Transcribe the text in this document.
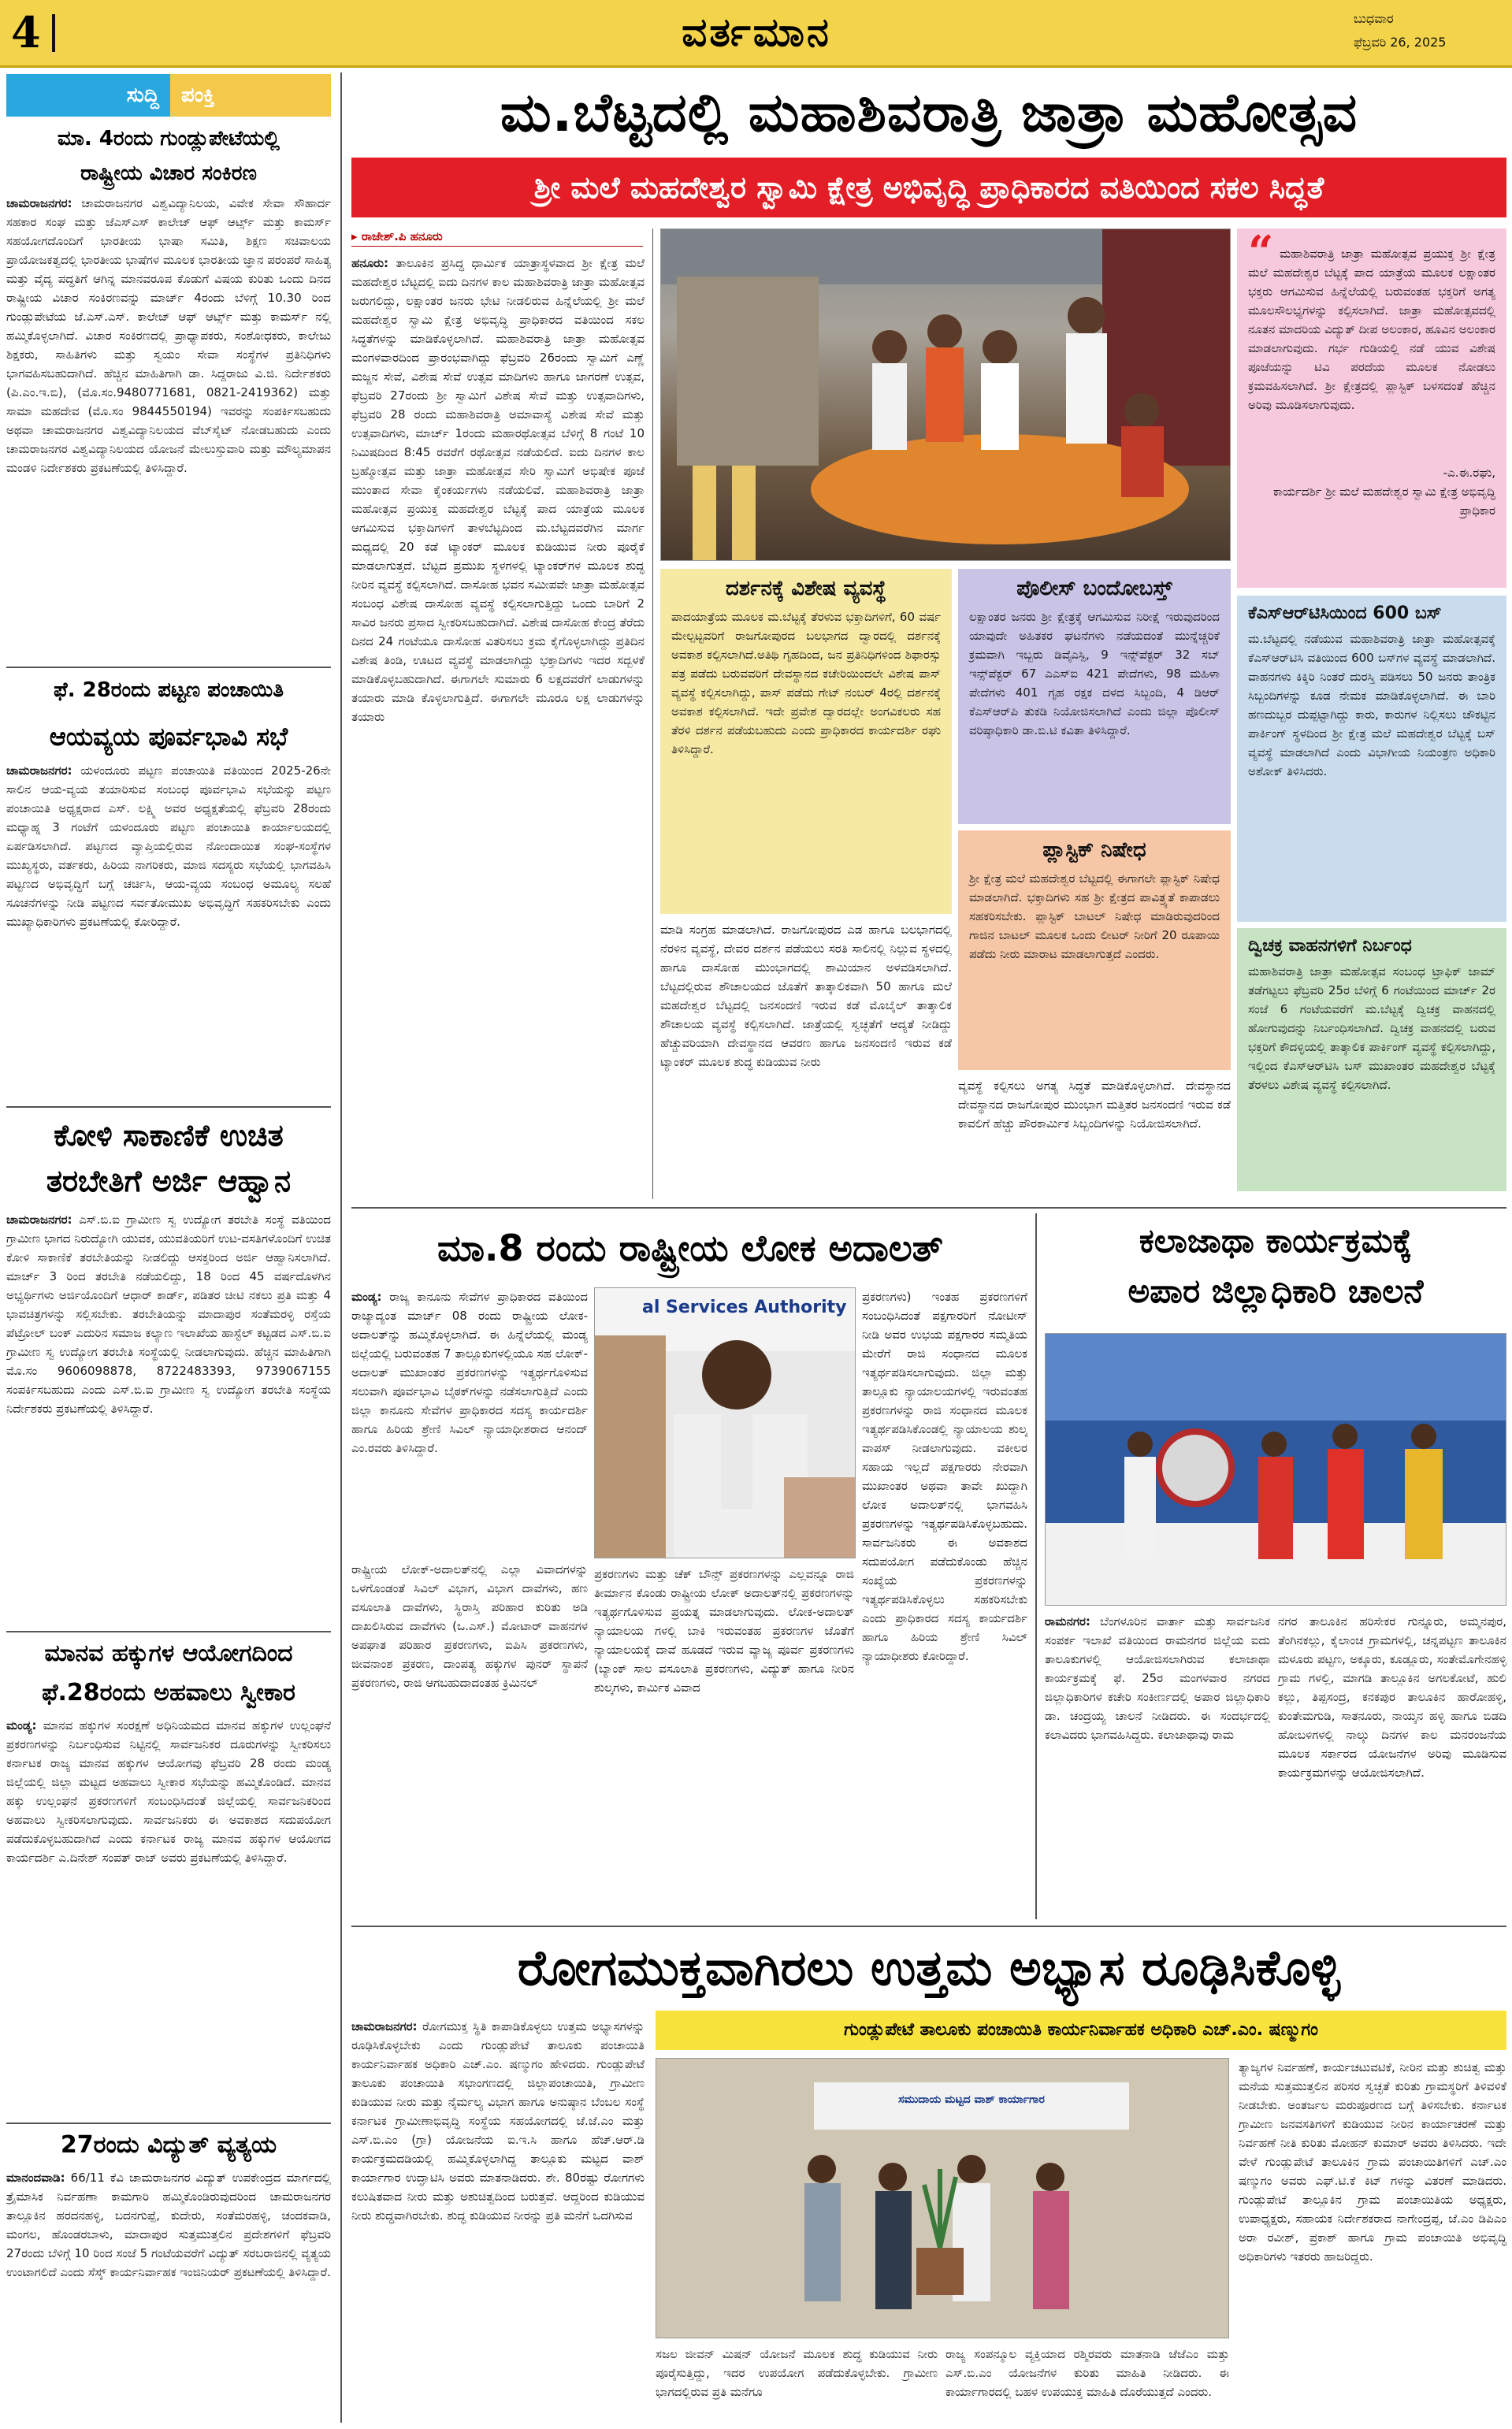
4	ವರ್ತಮಾನ	ಬುಧವಾರ
ಫೆಬ್ರವರಿ 26, 2025
ಸುದ್ದಿ	ಪಂಕ್ತಿ
ಮಾ. 4ರಂದು ಗುಂಡ್ಲುಪೇಟೆಯಲ್ಲಿ
ರಾಷ್ಟ್ರೀಯ ವಿಚಾರ ಸಂಕಿರಣ
ಚಾಮರಾಜನಗರ: ಚಾಮರಾಜನಗರ ವಿಶ್ವವಿದ್ಯಾನಿಲಯ, ವಿವೇಕ ಸೇವಾ ಸೌಹಾರ್ದ ಸಹಕಾರ ಸಂಘ ಮತ್ತು ಜೆಎಸ್ಎಸ್ ಕಾಲೇಜ್ ಆಫ್ ಆರ್ಟ್ಸ್ ಮತ್ತು ಕಾಮರ್ಸ್ ಸಹಯೋಗದೊಂದಿಗೆ ಭಾರತೀಯ ಭಾಷಾ ಸಮಿತಿ, ಶಿಕ್ಷಣ ಸಚಿವಾಲಯ ಪ್ರಾಯೋಜಕತ್ವದಲ್ಲಿ ಭಾರತೀಯ ಭಾಷೆಗಳ ಮೂಲಕ ಭಾರತೀಯ ಜ್ಞಾನ ಪರಂಪರೆ ಸಾಹಿತ್ಯ ಮತ್ತು ವೈದ್ಯ ಪದ್ಧತಿಗೆ ಆಗಿನ್ನ ಮಾನವರೂಪ ಕೊಡುಗೆ ವಿಷಯ ಕುರಿತು ಒಂದು ದಿನದ ರಾಷ್ಟ್ರೀಯ ವಿಚಾರ ಸಂಕಿರಣವನ್ನು ಮಾರ್ಚ್ 4ರಂದು ಬೆಳಿಗ್ಗೆ 10.30 ರಿಂದ ಗುಂಡ್ಲುಪೇಟೆಯ ಜೆ.ಎಸ್.ಎಸ್. ಕಾಲೇಜ್ ಆಫ್ ಆರ್ಟ್ಸ್ ಮತ್ತು ಕಾಮರ್ಸ್ ನಲ್ಲಿ ಹಮ್ಮಿಕೊಳ್ಳಲಾಗಿದೆ. ವಿಚಾರ ಸಂಕಿರಣದಲ್ಲಿ ಪ್ರಾಧ್ಯಾಪಕರು, ಸಂಶೋಧಕರು, ಕಾಲೇಜು ಶಿಕ್ಷಕರು, ಸಾಹಿತಿಗಳು ಮತ್ತು ಸ್ವಯಂ ಸೇವಾ ಸಂಸ್ಥೆಗಳ ಪ್ರತಿನಿಧಿಗಳು ಭಾಗವಹಿಸಬಹುದಾಗಿದೆ. ಹೆಚ್ಚಿನ ಮಾಹಿತಿಗಾಗಿ ಡಾ. ಸಿದ್ದರಾಜು ವಿ.ಜಿ. ನಿರ್ದೇಶಕರು (ಪಿ.ಎಂ.ಇ.ಬಿ), (ಮೊ.ಸಂ.9480771681, 0821-2419362) ಮತ್ತು ಸಾಮಾ ಮಹದೇವ (ಮೊ.ಸಂ 9844550194) ಇವರನ್ನು ಸಂಪರ್ಕಿಸಬಹುದು ಅಥವಾ ಚಾಮರಾಜನಗರ ವಿಶ್ವವಿದ್ಯಾನಿಲಯದ ವೆಬ್‌ಸೈಟ್ ನೋಡಬಹುದು ಎಂದು ಚಾಮರಾಜನಗರ ವಿಶ್ವವಿದ್ಯಾನಿಲಯದ ಯೋಜನೆ ಮೇಲುಸ್ತುವಾರಿ ಮತ್ತು ಮೌಲ್ಯಮಾಪನ ಮಂಡಳಿ ನಿರ್ದೇಶಕರು ಪ್ರಕಟಣೆಯಲ್ಲಿ ತಿಳಿಸಿದ್ದಾರೆ.
ಫೆ. 28ರಂದು ಪಟ್ಟಣ ಪಂಚಾಯಿತಿ
ಆಯವ್ಯಯ ಪೂರ್ವಭಾವಿ ಸಭೆ
ಚಾಮರಾಜನಗರ: ಯಳಂದೂರು ಪಟ್ಟಣ ಪಂಚಾಯಿತಿ ವತಿಯಿಂದ 2025-26ನೇ ಸಾಲಿನ ಆಯ-ವ್ಯಯ ತಯಾರಿಸುವ ಸಂಬಂಧ ಪೂರ್ವಭಾವಿ ಸಭೆಯನ್ನು ಪಟ್ಟಣ ಪಂಚಾಯಿತಿ ಅಧ್ಯಕ್ಷರಾದ ಎಸ್. ಲಕ್ಷ್ಮಿ ಅವರ ಅಧ್ಯಕ್ಷತೆಯಲ್ಲಿ ಫೆಬ್ರವರಿ 28ರಂದು ಮಧ್ಯಾಹ್ನ 3 ಗಂಟೆಗೆ ಯಳಂದೂರು ಪಟ್ಟಣ ಪಂಚಾಯಿತಿ ಕಾರ್ಯಾಲಯದಲ್ಲಿ ಏರ್ಪಡಿಸಲಾಗಿದೆ. ಪಟ್ಟಣದ ವ್ಯಾಪ್ತಿಯಲ್ಲಿರುವ ನೋಂದಾಯಿತ ಸಂಘ-ಸಂಸ್ಥೆಗಳ ಮುಖ್ಯಸ್ಥರು, ವರ್ತಕರು, ಹಿರಿಯ ನಾಗರಿಕರು, ಮಾಜಿ ಸದಸ್ಯರು ಸಭೆಯಲ್ಲಿ ಭಾಗವಹಿಸಿ ಪಟ್ಟಣದ ಅಭಿವೃದ್ಧಿಗೆ ಬಗ್ಗೆ ಚರ್ಚಿಸಿ, ಆಯ-ವ್ಯಯ ಸಂಬಂಧ ಅಮೂಲ್ಯ ಸಲಹೆ ಸೂಚನೆಗಳನ್ನು ನೀಡಿ ಪಟ್ಟಣದ ಸರ್ವತೋಮುಖ ಅಭಿವೃದ್ಧಿಗೆ ಸಹಕರಿಸಬೇಕು ಎಂದು ಮುಖ್ಯಾಧಿಕಾರಿಗಳು ಪ್ರಕಟಣೆಯಲ್ಲಿ ಕೋರಿದ್ದಾರೆ.
ಕೋಳಿ ಸಾಕಾಣಿಕೆ ಉಚಿತ
ತರಬೇತಿಗೆ ಅರ್ಜಿ ಆಹ್ವಾನ
ಚಾಮರಾಜನಗರ: ಎಸ್.ಬಿ.ಐ ಗ್ರಾಮೀಣ ಸ್ವ ಉದ್ಯೋಗ ತರಬೇತಿ ಸಂಸ್ಥೆ ವತಿಯಿಂದ ಗ್ರಾಮೀಣ ಭಾಗದ ನಿರುದ್ಯೋಗಿ ಯುವಕ, ಯುವತಿಯರಿಗೆ ಉಟ-ವಸತಿಗಳೊಂದಿಗೆ ಉಚಿತ ಕೋಳಿ ಸಾಕಾಣಿಕೆ ತರಬೇತಿಯನ್ನು ನೀಡಲಿದ್ದು ಆಸಕ್ತರಿಂದ ಅರ್ಜಿ ಆಹ್ವಾನಿಸಲಾಗಿದೆ. ಮಾರ್ಚ್ 3 ರಿಂದ ತರಬೇತಿ ನಡೆಯಲಿದ್ದು, 18 ರಿಂದ 45 ವರ್ಷದೊಳಗಿನ ಅಭ್ಯರ್ಥಿಗಳು ಅರ್ಜಿಯೊಂದಿಗೆ ಆಧಾರ್ ಕಾರ್ಡ್, ಪಡಿತರ ಚೀಟಿ ನಕಲು ಪ್ರತಿ ಮತ್ತು 4 ಭಾವಚಿತ್ರಗಳನ್ನು ಸಲ್ಲಿಸಬೇಕು. ತರಬೇತಿಯನ್ನು ಮಾದಾಪುರ ಸಂತೆಮರಳ್ಳಿ ರಸ್ತೆಯ ಪೆಟ್ರೋಲ್ ಬಂಕ್ ಎದುರಿನ ಸಮಾಜ ಕಲ್ಯಾಣ ಇಲಾಖೆಯ ಹಾಸ್ಟೆಲ್ ಕಟ್ಟಡದ ಎಸ್.ಬಿ.ಐ ಗ್ರಾಮೀಣ ಸ್ವ ಉದ್ಯೋಗ ತರಬೇತಿ ಸಂಸ್ಥೆಯಲ್ಲಿ ನೀಡಲಾಗುವುದು. ಹೆಚ್ಚಿನ ಮಾಹಿತಿಗಾಗಿ ಮೊ.ಸಂ 9606098878, 8722483393, 9739067155 ಸಂಪರ್ಕಿಸಬಹುದು ಎಂದು ಎಸ್.ಬಿ.ಐ ಗ್ರಾಮೀಣ ಸ್ವ ಉದ್ಯೋಗ ತರಬೇತಿ ಸಂಸ್ಥೆಯ ನಿರ್ದೇಶಕರು ಪ್ರಕಟಣೆಯಲ್ಲಿ ತಿಳಿಸಿದ್ದಾರೆ.
ಮಾನವ ಹಕ್ಕುಗಳ ಆಯೋಗದಿಂದ
ಫೆ.28ರಂದು ಅಹವಾಲು ಸ್ವೀಕಾರ
ಮಂಡ್ಯ: ಮಾನವ ಹಕ್ಕುಗಳ ಸಂರಕ್ಷಣೆ ಅಧಿನಿಯಮದ ಮಾನವ ಹಕ್ಕುಗಳ ಉಲ್ಲಂಘನೆ ಪ್ರಕರಣಗಳನ್ನು ನಿರ್ಬಂಧಿಸುವ ನಿಟ್ಟಿನಲ್ಲಿ ಸಾರ್ವಜನಿಕರ ದೂರುಗಳನ್ನು ಸ್ವೀಕರಿಸಲು ಕರ್ನಾಟಕ ರಾಜ್ಯ ಮಾನವ ಹಕ್ಕುಗಳ ಆಯೋಗವು ಫೆಬ್ರವರಿ 28 ರಂದು ಮಂಡ್ಯ ಜಿಲ್ಲೆಯಲ್ಲಿ ಜಿಲ್ಲಾ ಮಟ್ಟದ ಅಹವಾಲು ಸ್ವೀಕಾರ ಸಭೆಯನ್ನು ಹಮ್ಮಿಕೊಂಡಿದೆ. ಮಾನವ ಹಕ್ಕು ಉಲ್ಲಂಘನೆ ಪ್ರಕರಣಗಳಿಗೆ ಸಂಬಂಧಿಸಿದಂತೆ ಜಿಲ್ಲೆಯಲ್ಲಿ ಸಾರ್ವಜನಿಕರಿಂದ ಅಹವಾಲು ಸ್ವೀಕರಿಸಲಾಗುವುದು. ಸಾರ್ವಜನಿಕರು ಈ ಅವಕಾಶದ ಸದುಪಯೋಗ ಪಡೆದುಕೊಳ್ಳಬಹುದಾಗಿದೆ ಎಂದು ಕರ್ನಾಟಕ ರಾಜ್ಯ ಮಾನವ ಹಕ್ಕುಗಳ ಆಯೋಗದ ಕಾರ್ಯದರ್ಶಿ ಎ.ದಿನೇಶ್ ಸಂಪತ್ ರಾಜ್ ಅವರು ಪ್ರಕಟಣೆಯಲ್ಲಿ ತಿಳಿಸಿದ್ದಾರೆ.
27ರಂದು ವಿದ್ಯುತ್ ವ್ಯತ್ಯಯ
ಮಾನಂದವಾಡಿ: 66/11 ಕೆವಿ ಚಾಮರಾಜನಗರ ವಿದ್ಯುತ್ ಉಪಕೇಂದ್ರದ ಮಾರ್ಗದಲ್ಲಿ ತ್ರೈಮಾಸಿಕ ನಿರ್ವಹಣಾ ಕಾಮಗಾರಿ ಹಮ್ಮಿಕೊಂಡಿರುವುದರಿಂದ ಚಾಮರಾಜನಗರ ತಾಲ್ಲೂಕಿನ ಹರದನಹಳ್ಳಿ, ಬದನಗುಪ್ಪೆ, ಕುದೇರು, ಸಂತೆಮರಹಳ್ಳಿ, ಚಂದಕವಾಡಿ, ಮಂಗಲ, ಹೊಂಡರಬಾಳು, ಮಾದಾಪುರ ಸುತ್ತಮುತ್ತಲಿನ ಪ್ರದೇಶಗಳಿಗೆ ಫೆಬ್ರವರಿ 27ರಂದು ಬೆಳಿಗ್ಗೆ 10 ರಿಂದ ಸಂಜೆ 5 ಗಂಟೆಯವರೆಗೆ ವಿದ್ಯುತ್ ಸರಬರಾಜಿನಲ್ಲಿ ವ್ಯತ್ಯಯ ಉಂಟಾಗಲಿದೆ ಎಂದು ಸೆಸ್ಕ್ ಕಾರ್ಯನಿರ್ವಾಹಕ ಇಂಜಿನಿಯರ್ ಪ್ರಕಟಣೆಯಲ್ಲಿ ತಿಳಿಸಿದ್ದಾರೆ.
ಮ.ಬೆಟ್ಟದಲ್ಲಿ ಮಹಾಶಿವರಾತ್ರಿ ಜಾತ್ರಾ ಮಹೋತ್ಸವ
ಶ್ರೀ ಮಲೆ ಮಹದೇಶ್ವರ ಸ್ವಾಮಿ ಕ್ಷೇತ್ರ ಅಭಿವೃದ್ಧಿ ಪ್ರಾಧಿಕಾರದ ವತಿಯಿಂದ ಸಕಲ ಸಿದ್ಧತೆ
▸ ರಾಜೇಶ್.ಪಿ ಹನೂರು
ಹನೂರು: ತಾಲೂಕಿನ ಪ್ರಸಿದ್ಧ ಧಾರ್ಮಿಕ ಯಾತ್ರಾಸ್ಥಳವಾದ ಶ್ರೀ ಕ್ಷೇತ್ರ ಮಲೆ ಮಹದೇಶ್ವರ ಬೆಟ್ಟದಲ್ಲಿ ಐದು ದಿನಗಳ ಕಾಲ ಮಹಾಶಿವರಾತ್ರಿ ಜಾತ್ರಾ ಮಹೋತ್ಸವ ಜರುಗಲಿದ್ದು, ಲಕ್ಷಾಂತರ ಜನರು ಭೇಟಿ ನೀಡಲಿರುವ ಹಿನ್ನೆಲೆಯಲ್ಲಿ ಶ್ರೀ ಮಲೆ ಮಹದೇಶ್ವರ ಸ್ವಾಮಿ ಕ್ಷೇತ್ರ ಅಭಿವೃದ್ಧಿ ಪ್ರಾಧಿಕಾರದ ವತಿಯಿಂದ ಸಕಲ ಸಿದ್ಧತೆಗಳನ್ನು ಮಾಡಿಕೊಳ್ಳಲಾಗಿದೆ. ಮಹಾಶಿವರಾತ್ರಿ ಜಾತ್ರಾ ಮಹೋತ್ಸವ ಮಂಗಳವಾರದಿಂದ ಪ್ರಾರಂಭವಾಗಿದ್ದು ಫೆಬ್ರವರಿ 26ರಂದು ಸ್ವಾಮಿಗೆ ಎಣ್ಣೆ ಮಜ್ಜನ ಸೇವೆ, ವಿಶೇಷ ಸೇವೆ ಉತ್ಸವ ಮಾದಿಗಳು ಹಾಗೂ ಜಾಗರಣೆ ಉತ್ಸವ, ಫೆಬ್ರವರಿ 27ರಂದು ಶ್ರೀ ಸ್ವಾಮಿಗೆ ವಿಶೇಷ ಸೇವೆ ಮತ್ತು ಉತ್ಸವಾದಿಗಳು, ಫೆಬ್ರವರಿ 28 ರಂದು ಮಹಾಶಿವರಾತ್ರಿ ಅಮಾವಾಸ್ಯೆ ವಿಶೇಷ ಸೇವೆ ಮತ್ತು ಉತ್ಸವಾದಿಗಳು, ಮಾರ್ಚ್ 1ರಂದು ಮಹಾರಥೋತ್ಸವ ಬೆಳಿಗ್ಗೆ 8 ಗಂಟೆ 10 ನಿಮಿಷದಿಂದ 8:45 ರವರೆಗೆ ರಥೋತ್ಸವ ನಡೆಯಲಿದೆ. ಐದು ದಿನಗಳ ಕಾಲ ಬ್ರಹ್ಮೋತ್ಸವ ಮತ್ತು ಜಾತ್ರಾ ಮಹೋತ್ಸವ ಸೇರಿ ಸ್ವಾಮಿಗೆ ಅಭಿಷೇಕ ಪೂಜೆ ಮುಂತಾದ ಸೇವಾ ಕೈಂಕರ್ಯಗಳು ನಡೆಯಲಿವೆ. ಮಹಾಶಿವರಾತ್ರಿ ಜಾತ್ರಾ ಮಹೋತ್ಸವ ಪ್ರಯುಕ್ತ ಮಹದೇಶ್ವರ ಬೆಟ್ಟಕ್ಕೆ ಪಾದ ಯಾತ್ರೆಯ ಮೂಲಕ ಆಗಮಿಸುವ ಭಕ್ತಾದಿಗಳಿಗೆ ತಾಳಬೆಟ್ಟದಿಂದ ಮ.ಬೆಟ್ಟದವರೆಗಿನ ಮಾರ್ಗ ಮಧ್ಯದಲ್ಲಿ 20 ಕಡೆ ಟ್ಯಾಂಕರ್ ಮೂಲಕ ಕುಡಿಯುವ ನೀರು ಪೂರೈಕೆ ಮಾಡಲಾಗುತ್ತದೆ. ಬೆಟ್ಟದ ಪ್ರಮುಖ ಸ್ಥಳಗಳಲ್ಲಿ ಟ್ಯಾಂಕರ್‌ಗಳ ಮೂಲಕ ಶುದ್ಧ ನೀರಿನ ವ್ಯವಸ್ಥೆ ಕಲ್ಪಿಸಲಾಗಿದೆ. ದಾಸೋಹ ಭವನ ಸಮೀಪವೇ ಜಾತ್ರಾ ಮಹೋತ್ಸವ ಸಂಬಂಧ ವಿಶೇಷ ದಾಸೋಹ ವ್ಯವಸ್ಥೆ ಕಲ್ಪಿಸಲಾಗುತ್ತಿದ್ದು ಒಂದು ಬಾರಿಗೆ 2 ಸಾವಿರ ಜನರು ಪ್ರಸಾದ ಸ್ವೀಕರಿಸಬಹುದಾಗಿದೆ. ವಿಶೇಷ ದಾಸೋಹ ಕೇಂದ್ರ ತೆರೆದು ದಿನದ 24 ಗಂಟೆಯೂ ದಾಸೋಹ ವಿತರಿಸಲು ಕ್ರಮ ಕೈಗೊಳ್ಳಲಾಗಿದ್ದು ಪ್ರತಿದಿನ ವಿಶೇಷ ತಿಂಡಿ, ಊಟದ ವ್ಯವಸ್ಥೆ ಮಾಡಲಾಗಿದ್ದು ಭಕ್ತಾದಿಗಳು ಇದರ ಸದ್ಬಳಕೆ ಮಾಡಿಕೊಳ್ಳಬಹುದಾಗಿದೆ. ಈಗಾಗಲೇ ಸುಮಾರು 6 ಲಕ್ಷದವರೆಗೆ ಲಾಡುಗಳನ್ನು ತಯಾರು ಮಾಡಿ ಕೊಳ್ಳಲಾಗುತ್ತಿದೆ. ಈಗಾಗಲೇ ಮೂರೂ ಲಕ್ಷ ಲಾಡುಗಳನ್ನು ತಯಾರು
“ ಮಹಾಶಿವರಾತ್ರಿ ಜಾತ್ರಾ ಮಹೋತ್ಸವ ಪ್ರಯುಕ್ತ ಶ್ರೀ ಕ್ಷೇತ್ರ ಮಲೆ ಮಹದೇಶ್ವರ ಬೆಟ್ಟಕ್ಕೆ ಪಾದ ಯಾತ್ರೆಯ ಮೂಲಕ ಲಕ್ಷಾಂತರ ಭಕ್ತರು ಆಗಮಿಸುವ ಹಿನ್ನೆಲೆಯಲ್ಲಿ ಬರುವಂತಹ ಭಕ್ತರಿಗೆ ಅಗತ್ಯ ಮೂಲಸೌಲಭ್ಯಗಳನ್ನು ಕಲ್ಪಿಸಲಾಗಿದೆ. ಜಾತ್ರಾ ಮಹೋತ್ಸವದಲ್ಲಿ ನೂತನ ಮಾದರಿಯ ವಿದ್ಯುತ್ ದೀಪ ಅಲಂಕಾರ, ಹೂವಿನ ಅಲಂಕಾರ ಮಾಡಲಾಗುವುದು. ಗರ್ಭ ಗುಡಿಯಲ್ಲಿ ನಡೆ ಯುವ ವಿಶೇಷ ಪೂಜೆಯನ್ನು ಟಿವಿ ಪರದೆಯ ಮೂಲಕ ನೋಡಲು ಕ್ರಮವಹಿಸಲಾಗಿದೆ. ಶ್ರೀ ಕ್ಷೇತ್ರದಲ್ಲಿ ಪ್ಲಾಸ್ಟಿಕ್ ಬಳಸದಂತೆ ಹೆಚ್ಚಿನ ಅರಿವು ಮೂಡಿಸಲಾಗುವುದು.
-ಎ.ಈ.ರಘು,
ಕಾರ್ಯದರ್ಶಿ ಶ್ರೀ ಮಲೆ ಮಹದೇಶ್ವರ ಸ್ವಾಮಿ ಕ್ಷೇತ್ರ ಅಭಿವೃದ್ಧಿ ಪ್ರಾಧಿಕಾರ
ದರ್ಶನಕ್ಕೆ ವಿಶೇಷ ವ್ಯವಸ್ಥೆ
ಪಾದಯಾತ್ರೆಯ ಮೂಲಕ ಮ.ಬೆಟ್ಟಕ್ಕೆ ತೆರಳುವ ಭಕ್ತಾದಿಗಳಿಗೆ, 60 ವರ್ಷ ಮೇಲ್ಪಟ್ಟವರಿಗೆ ರಾಜಗೋಪುರದ ಬಲಭಾಗದ ದ್ವಾರದಲ್ಲಿ ದರ್ಶನಕ್ಕೆ ಅವಕಾಶ ಕಲ್ಪಿಸಲಾಗಿದೆ.ಅತಿಥಿ ಗೃಹದಿಂದ, ಜನ ಪ್ರತಿನಿಧಿಗಳಿಂದ ಶಿಫಾರಸ್ಸು ಪತ್ರ ಪಡೆದು ಬರುವವರಿಗೆ ದೇವಸ್ಥಾನದ ಕಚೇರಿಯಿಂದಲೇ ವಿಶೇಷ ಪಾಸ್ ವ್ಯವಸ್ಥೆ ಕಲ್ಪಿಸಲಾಗಿದ್ದು, ಪಾಸ್ ಪಡೆದು ಗೇಟ್ ನಂಬರ್ 4ರಲ್ಲಿ ದರ್ಶನಕ್ಕೆ ಅವಕಾಶ ಕಲ್ಪಿಸಲಾಗಿದೆ. ಇದೇ ಪ್ರವೇಶ ದ್ವಾರದಲ್ಲೇ ಅಂಗವಿಕಲರು ಸಹ ತೆರಳಿ ದರ್ಶನ ಪಡೆಯಬಹುದು ಎಂದು ಪ್ರಾಧಿಕಾರದ ಕಾರ್ಯದರ್ಶಿ ರಘು ತಿಳಿಸಿದ್ದಾರೆ.
ಪೊಲೀಸ್ ಬಂದೋಬಸ್ತ್
ಲಕ್ಷಾಂತರ ಜನರು ಶ್ರೀ ಕ್ಷೇತ್ರಕ್ಕೆ ಆಗಮಿಸುವ ನಿರೀಕ್ಷೆ ಇರುವುದರಿಂದ ಯಾವುದೇ ಅಹಿತಕರ ಘಟನೆಗಳು ನಡೆಯದಂತೆ ಮುನ್ನೆಚ್ಚರಿಕೆ ಕ್ರಮವಾಗಿ ಇಬ್ಬರು ಡಿವೈಎಸ್ಪಿ, 9 ಇನ್ಸ್‌ಪೆಕ್ಟರ್ 32 ಸಬ್ ಇನ್ಸ್‌ಪೆಕ್ಟರ್ 67 ಎಎಸ್ಐ 421 ಪೇದೆಗಳು, 98 ಮಹಿಳಾ ಪೇದೆಗಳು 401 ಗೃಹ ರಕ್ಷಕ ದಳದ ಸಿಬ್ಬಂದಿ, 4 ಡಿಆರ್ ಕೆಎಸ್ಆರ್‌ಪಿ ತುಕಡಿ ನಿಯೋಜಿಸಲಾಗಿದೆ ಎಂದು ಜಿಲ್ಲಾ ಪೊಲೀಸ್ ವರಿಷ್ಠಾಧಿಕಾರಿ ಡಾ.ಬಿ.ಟಿ ಕವಿತಾ ತಿಳಿಸಿದ್ದಾರೆ.
ಪ್ಲಾಸ್ಟಿಕ್ ನಿಷೇಧ
ಶ್ರೀ ಕ್ಷೇತ್ರ ಮಲೆ ಮಹದೇಶ್ವರ ಬೆಟ್ಟದಲ್ಲಿ ಈಗಾಗಲೇ ಪ್ಲಾಸ್ಟಿಕ್ ನಿಷೇಧ ಮಾಡಲಾಗಿದೆ. ಭಕ್ತಾದಿಗಳು ಸಹ ಶ್ರೀ ಕ್ಷೇತ್ರದ ಪಾವಿತ್ರ್ಯತೆ ಕಾಪಾಡಲು ಸಹಕರಿಸಬೇಕು. ಪ್ಲಾಸ್ಟಿಕ್ ಬಾಟಲ್ ನಿಷೇಧ ಮಾಡಿರುವುದರಿಂದ ಗಾಜಿನ ಬಾಟಲ್ ಮೂಲಕ ಒಂದು ಲೀಟರ್ ನೀರಿಗೆ 20 ರೂಪಾಯಿ ಪಡೆದು ನೀರು ಮಾರಾಟ ಮಾಡಲಾಗುತ್ತದೆ ಎಂದರು.
ಕೆಎಸ್‌ಆರ್‌ಟಿಸಿಯಿಂದ 600 ಬಸ್
ಮ.ಬೆಟ್ಟದಲ್ಲಿ ನಡೆಯುವ ಮಹಾಶಿವರಾತ್ರಿ ಜಾತ್ರಾ ಮಹೋತ್ಸವಕ್ಕೆ ಕೆಎಸ್‌ಆರ್‌ಟಿಸಿ ವತಿಯಿಂದ 600 ಬಸ್‌ಗಳ ವ್ಯವಸ್ಥೆ ಮಾಡಲಾಗಿದೆ. ವಾಹನಗಳು ಕಿಕ್ಕಿರಿ ನಿಂತರೆ ದುರಸ್ತಿ ಪಡಿಸಲು 50 ಜನರು ತಾಂತ್ರಿಕ ಸಿಬ್ಬಂದಿಗಳನ್ನು ಕೂಡ ನೇಮಕ ಮಾಡಿಕೊಳ್ಳಲಾಗಿದೆ. ಈ ಬಾರಿ ಹಣದುಬ್ಬರ ದುಪ್ಪಟ್ಟಾಗಿದ್ದು ಕಾರು, ಕಾರುಗಳ ನಿಲ್ಲಿಸಲು ಚೌಕಟ್ಟಿನ ಪಾರ್ಕಿಂಗ್ ಸ್ಥಳದಿಂದ ಶ್ರೀ ಕ್ಷೇತ್ರ ಮಲೆ ಮಹದೇಶ್ವರ ಬೆಟ್ಟಕ್ಕೆ ಬಸ್ ವ್ಯವಸ್ಥೆ ಮಾಡಲಾಗಿದೆ ಎಂದು ವಿಭಾಗೀಯ ನಿಯಂತ್ರಣ ಅಧಿಕಾರಿ ಅಶೋಕ್ ತಿಳಿಸಿದರು.
ದ್ವಿಚಕ್ರ ವಾಹನಗಳಿಗೆ ನಿರ್ಬಂಧ
ಮಹಾಶಿವರಾತ್ರಿ ಜಾತ್ರಾ ಮಹೋತ್ಸವ ಸಂಬಂಧ ಟ್ರಾಫಿಕ್ ಜಾಮ್ ತಡೆಗಟ್ಟಲು ಫೆಬ್ರವರಿ 25ರ ಬೆಳಿಗ್ಗೆ 6 ಗಂಟೆಯಿಂದ ಮಾರ್ಚ್ 2ರ ಸಂಜೆ 6 ಗಂಟೆಯವರೆಗೆ ಮ.ಬೆಟ್ಟಕ್ಕೆ ದ್ವಿಚಕ್ರ ವಾಹನದಲ್ಲಿ ಹೋಗುವುದನ್ನು ನಿರ್ಬಂಧಿಸಲಾಗಿದೆ. ದ್ವಿಚಕ್ರ ವಾಹನದಲ್ಲಿ ಬರುವ ಭಕ್ತರಿಗೆ ಕೌದಳ್ಳಿಯಲ್ಲಿ ತಾತ್ಕಾಲಿಕ ಪಾರ್ಕಿಂಗ್ ವ್ಯವಸ್ಥೆ ಕಲ್ಪಿಸಲಾಗಿದ್ದು, ಇಲ್ಲಿಂದ ಕೆಎಸ್‌ಆರ್‌ಟಿಸಿ ಬಸ್ ಮುಖಾಂತರ ಮಹದೇಶ್ವರ ಬೆಟ್ಟಕ್ಕೆ ತೆರಳಲು ವಿಶೇಷ ವ್ಯವಸ್ಥೆ ಕಲ್ಪಿಸಲಾಗಿದೆ.
ಮಾಡಿ ಸಂಗ್ರಹ ಮಾಡಲಾಗಿದೆ. ರಾಜಗೋಪುರದ ಎಡ ಹಾಗೂ ಬಲಭಾಗದಲ್ಲಿ ನೆರಳಿನ ವ್ಯವಸ್ಥೆ, ದೇವರ ದರ್ಶನ ಪಡೆಯಲು ಸರತಿ ಸಾಲಿನಲ್ಲಿ ನಿಲ್ಲುವ ಸ್ಥಳದಲ್ಲಿ ಹಾಗೂ ದಾಸೋಹ ಮುಂಭಾಗದಲ್ಲಿ ಶಾಮಿಯಾನ ಅಳವಡಿಸಲಾಗಿದೆ. ಬೆಟ್ಟದಲ್ಲಿರುವ ಶೌಚಾಲಯದ ಜೊತೆಗೆ ತಾತ್ಕಾಲಿಕವಾಗಿ 50 ಹಾಗೂ ಮಲೆ ಮಹದೇಶ್ವರ ಬೆಟ್ಟದಲ್ಲಿ ಜನಸಂದಣಿ ಇರುವ ಕಡೆ ಮೊಬೈಲ್ ತಾತ್ಕಾಲಿಕ ಶೌಚಾಲಯ ವ್ಯವಸ್ಥೆ ಕಲ್ಪಿಸಲಾಗಿದೆ. ಜಾತ್ರೆಯಲ್ಲಿ ಸ್ವಚ್ಛತೆಗೆ ಆದ್ಯತೆ ನೀಡಿದ್ದು ಹೆಚ್ಚುವರಿಯಾಗಿ ದೇವಸ್ಥಾನದ ಆವರಣ ಹಾಗೂ ಜನಸಂದಣಿ ಇರುವ ಕಡೆ ಟ್ಯಾಂಕರ್ ಮೂಲಕ ಶುದ್ಧ ಕುಡಿಯುವ ನೀರು
ವ್ಯವಸ್ಥೆ ಕಲ್ಪಿಸಲು ಅಗತ್ಯ ಸಿದ್ಧತೆ ಮಾಡಿಕೊಳ್ಳಲಾಗಿದೆ. ದೇವಸ್ಥಾನದ ದೇವಸ್ಥಾನದ ರಾಜಗೋಪುರ ಮುಂಭಾಗ ಮತ್ತಿತರ ಜನಸಂದಣಿ ಇರುವ ಕಡೆ ಕಾವಲಿಗೆ ಹೆಚ್ಚು ಪೌರಕಾರ್ಮಿಕ ಸಿಬ್ಬಂದಿಗಳನ್ನು ನಿಯೋಜಿಸಲಾಗಿದೆ.
ಮಾ.8 ರಂದು ರಾಷ್ಟ್ರೀಯ ಲೋಕ ಅದಾಲತ್
ಮಂಡ್ಯ: ರಾಜ್ಯ ಕಾನೂನು ಸೇವೆಗಳ ಪ್ರಾಧಿಕಾರದ ವತಿಯಿಂದ ರಾಜ್ಯಾದ್ಯಂತ ಮಾರ್ಚ್ 08 ರಂದು ರಾಷ್ಟ್ರೀಯ ಲೋಕ-ಅದಾಲತ್‌ನ್ನು ಹಮ್ಮಿಕೊಳ್ಳಲಾಗಿದೆ. ಈ ಹಿನ್ನೆಲೆಯಲ್ಲಿ ಮಂಡ್ಯ ಜಿಲ್ಲೆಯಲ್ಲಿ ಬರುವಂತಹ 7 ತಾಲ್ಲೂಕುಗಳಲ್ಲಿಯೂ ಸಹ ಲೋಕ್-ಅದಾಲತ್ ಮುಖಾಂತರ ಪ್ರಕರಣಗಳನ್ನು ಇತ್ಯರ್ಥಗೊಳಿಸುವ ಸಲುವಾಗಿ ಪೂರ್ವಭಾವಿ ಬೈಠಕ್‌ಗಳನ್ನು ನಡೆಸಲಾಗುತ್ತಿದೆ ಎಂದು ಜಿಲ್ಲಾ ಕಾನೂನು ಸೇವೆಗಳ ಪ್ರಾಧಿಕಾರದ ಸದಸ್ಯ ಕಾರ್ಯದರ್ಶಿ ಹಾಗೂ ಹಿರಿಯ ಶ್ರೇಣಿ ಸಿವಿಲ್ ನ್ಯಾಯಾಧೀಶರಾದ ಆನಂದ್ ಎಂ.ರವರು ತಿಳಿಸಿದ್ದಾರೆ.
al Services Authority
ರಾಷ್ಟ್ರೀಯ ಲೋಕ್-ಅದಾಲತ್‌ನಲ್ಲಿ ಎಲ್ಲಾ ವಿವಾದಗಳನ್ನು ಒಳಗೊಂಡಂತೆ ಸಿವಿಲ್ ವಿಭಾಗ, ವಿಭಾಗ ದಾವೆಗಳು, ಹಣ ವಸೂಲಾತಿ ದಾವೆಗಳು, ಸ್ಥಿರಾಸ್ತಿ ಪರಿಹಾರ ಕುರಿತು ಅಡಿ ದಾಖಲಿಸಿರುವ ದಾವೆಗಳು (ಒ.ಎಸ್.) ಮೋಟಾರ್ ವಾಹನಗಳ ಅಪಘಾತ ಪರಿಹಾರ ಪ್ರಕರಣಗಳು, ಐಪಿಸಿ ಪ್ರಕರಣಗಳು, ಜೀವನಾಂಶ ಪ್ರಕರಣ, ದಾಂಪತ್ಯ ಹಕ್ಕುಗಳ ಪುನರ್ ಸ್ಥಾಪನೆ ಪ್ರಕರಣಗಳು, ರಾಜಿ ಆಗಬಹುದಾದಂತಹ ಕ್ರಿಮಿನಲ್
ಪ್ರಕರಣಗಳು ಮತ್ತು ಚೆಕ್ ಬೌನ್ಸ್ ಪ್ರಕರಣಗಳನ್ನು ಎಲ್ಲವನ್ನೂ ರಾಜಿ ತೀರ್ಮಾನ ಕೊಂಡು ರಾಷ್ಟ್ರೀಯ ಲೋಕ್ ಅದಾಲತ್‌ನಲ್ಲಿ ಪ್ರಕರಣಗಳನ್ನು ಇತ್ಯರ್ಥಗೊಳಿಸುವ ಪ್ರಯತ್ನ ಮಾಡಲಾಗುವುದು. ಲೋಕ-ಅದಾಲತ್ ನ್ಯಾಯಾಲಯ ಗಳಲ್ಲಿ ಬಾಕಿ ಇರುವಂತಹ ಪ್ರಕರಣಗಳ ಜೊತೆಗೆ ನ್ಯಾಯಾಲಯಕ್ಕೆ ದಾವೆ ಹೂಡದೆ ಇರುವ ವ್ಯಾಜ್ಯ ಪೂರ್ವ ಪ್ರಕರಣಗಳು (ಬ್ಯಾಂಕ್ ಸಾಲ ವಸೂಲಾತಿ ಪ್ರಕರಣಗಳು, ವಿದ್ಯುತ್ ಹಾಗೂ ನೀರಿನ ಶುಲ್ಕಗಳು, ಕಾರ್ಮಿಕ ವಿವಾದ
ಪ್ರಕರಣಗಳು) ಇಂತಹ ಪ್ರಕರಣಗಳಿಗೆ ಸಂಬಂಧಿಸಿದಂತೆ ಪಕ್ಷಗಾರರಿಗೆ ನೋಟೀಸ್ ನೀಡಿ ಅವರ ಉಭಯ ಪಕ್ಷಗಾರರ ಸಮ್ಮತಿಯ ಮೇರೆಗೆ ರಾಜಿ ಸಂಧಾನದ ಮೂಲಕ ಇತ್ಯರ್ಥಪಡಿಸಲಾಗುವುದು. ಜಿಲ್ಲಾ ಮತ್ತು ತಾಲ್ಲೂಕು ನ್ಯಾಯಾಲಯಗಳಲ್ಲಿ ಇರುವಂತಹ ಪ್ರಕರಣಗಳನ್ನು ರಾಜಿ ಸಂಧಾನದ ಮೂಲಕ ಇತ್ಯರ್ಥಪಡಿಸಿಕೊಂಡಲ್ಲಿ ನ್ಯಾಯಾಲಯ ಶುಲ್ಕ ವಾಪಸ್ ನೀಡಲಾಗುವುದು. ವಕೀಲರ ಸಹಾಯ ಇಲ್ಲದೆ ಪಕ್ಷಗಾರರು ನೇರವಾಗಿ ಮುಖಾಂತರ ಅಥವಾ ತಾವೇ ಖುದ್ದಾಗಿ ಲೋಕ ಅದಾಲತ್‌ನಲ್ಲಿ ಭಾಗವಹಿಸಿ ಪ್ರಕರಣಗಳನ್ನು ಇತ್ಯರ್ಥಪಡಿಸಿಕೊಳ್ಳಬಹುದು. ಸಾರ್ವಜನಿಕರು ಈ ಅವಕಾಶದ ಸದುಪಯೋಗ ಪಡೆದುಕೊಂಡು ಹೆಚ್ಚಿನ ಸಂಖ್ಯೆಯ ಪ್ರಕರಣಗಳನ್ನು ಇತ್ಯರ್ಥಪಡಿಸಿಕೊಳ್ಳಲು ಸಹಕರಿಸಬೇಕು ಎಂದು ಪ್ರಾಧಿಕಾರದ ಸದಸ್ಯ ಕಾರ್ಯದರ್ಶಿ ಹಾಗೂ ಹಿರಿಯ ಶ್ರೇಣಿ ಸಿವಿಲ್ ನ್ಯಾಯಾಧೀಶರು ಕೋರಿದ್ದಾರೆ.
ಕಲಾಜಾಥಾ ಕಾರ್ಯಕ್ರಮಕ್ಕೆ
ಅಪಾರ ಜಿಲ್ಲಾಧಿಕಾರಿ ಚಾಲನೆ
ರಾಮನಗರ: ಬೆಂಗಳೂರಿನ ವಾರ್ತಾ ಮತ್ತು ಸಾರ್ವಜನಿಕ ಸಂಪರ್ಕ ಇಲಾಖೆ ವತಿಯಿಂದ ರಾಮನಗರ ಜಿಲ್ಲೆಯ ಐದು ತಾಲೂಕುಗಳಲ್ಲಿ ಆಯೋಜಿಸಲಾಗಿರುವ ಕಲಾಜಾಥಾ ಕಾರ್ಯಕ್ರಮಕ್ಕೆ ಫೆ. 25ರ ಮಂಗಳವಾರ ನಗರದ ಜಿಲ್ಲಾಧಿಕಾರಿಗಳ ಕಚೇರಿ ಸಂಕೀರ್ಣದಲ್ಲಿ ಅಪಾರ ಜಿಲ್ಲಾಧಿಕಾರಿ ಡಾ. ಚಂದ್ರಯ್ಯ ಚಾಲನೆ ನೀಡಿದರು. ಈ ಸಂದರ್ಭದಲ್ಲಿ ಕಲಾವಿದರು ಭಾಗವಹಿಸಿದ್ದರು. ಕಲಾಜಾಥಾವು ರಾಮ
ನಗರ ತಾಲೂಕಿನ ಹರಿಸೇಕರ ಗುನ್ನೂರು, ಅಮ್ಮನಪುರ, ತೆಂಗಿನಕಲ್ಲು, ಕೈಲಾಂಚ ಗ್ರಾಮಗಳಲ್ಲಿ, ಚನ್ನಪಟ್ಟಣ ತಾಲೂಕಿನ ಮಳೂರು ಪಟ್ಟಣ, ಅಕ್ಕೂರು, ಕೂಡ್ಲೂರು, ಸಂತೇಮೊಗೇನಹಳ್ಳಿ ಗ್ರಾಮ ಗಳಲ್ಲಿ, ಮಾಗಡಿ ತಾಲ್ಲೂಕಿನ ಅಗಲಕೋಟೆ, ಹುಲಿ ಕಲ್ಲು, ತಿಪ್ಪಸಂದ್ರ, ಕನಕಪುರ ತಾಲೂಕಿನ ಹಾರೋಹಳ್ಳಿ, ಕುಂತೇಮಗುಡಿ, ಸಾತನೂರು, ನಾಯ್ಕನ ಹಳ್ಳಿ ಹಾಗೂ ಬಿಡದಿ ಹೋಬಳಿಗಳಲ್ಲಿ ನಾಲ್ಕು ದಿನಗಳ ಕಾಲ ಮನರಂಜನೆಯ ಮೂಲಕ ಸರ್ಕಾರದ ಯೋಜನೆಗಳ ಅರಿವು ಮೂಡಿಸುವ ಕಾರ್ಯಕ್ರಮಗಳನ್ನು ಆಯೋಜಿಸಲಾಗಿದೆ.
ರೋಗಮುಕ್ತವಾಗಿರಲು ಉತ್ತಮ ಅಭ್ಯಾಸ ರೂಢಿಸಿಕೊಳ್ಳಿ
ಚಾಮರಾಜನಗರ: ರೋಗಮುಕ್ತ ಸ್ಥಿತಿ ಕಾಪಾಡಿಕೊಳ್ಳಲು ಉತ್ತಮ ಅಭ್ಯಾಸಗಳನ್ನು ರೂಢಿಸಿಕೊಳ್ಳಬೇಕು ಎಂದು ಗುಂಡ್ಲುಪೇಟೆ ತಾಲೂಕು ಪಂಚಾಯಿತಿ ಕಾರ್ಯನಿರ್ವಾಹಕ ಅಧಿಕಾರಿ ಎಚ್.ಎಂ. ಷಣ್ಮುಗಂ ಹೇಳಿದರು. ಗುಂಡ್ಲುಪೇಟೆ ತಾಲೂಕು ಪಂಚಾಯಿತಿ ಸಭಾಂಗಣದಲ್ಲಿ ಜಿಲ್ಲಾಪಂಚಾಯಿತಿ, ಗ್ರಾಮೀಣ ಕುಡಿಯುವ ನೀರು ಮತ್ತು ನೈರ್ಮಲ್ಯ ವಿಭಾಗ ಹಾಗೂ ಅನುಷ್ಠಾನ ಬೆಂಬಲ ಸಂಸ್ಥೆ ಕರ್ನಾಟಕ ಗ್ರಾಮೀಣಾಭಿವೃದ್ಧಿ ಸಂಸ್ಥೆಯ ಸಹಯೋಗದಲ್ಲಿ ಜೆ.ಜೆ.ಎಂ ಮತ್ತು ಎಸ್.ಬಿ.ಎಂ (ಗ್ರಾ) ಯೋಜನೆಯ ಐ.ಇ.ಸಿ ಹಾಗೂ ಹೆಚ್.ಆರ್.ಡಿ ಕಾರ್ಯಕ್ರಮದಡಿಯಲ್ಲಿ ಹಮ್ಮಿಕೊಳ್ಳಲಾಗಿದ್ದ ತಾಲ್ಲೂಕು ಮಟ್ಟದ ವಾಶ್ ಕಾರ್ಯಾಗಾರ ಉದ್ಘಾಟಿಸಿ ಅವರು ಮಾತನಾಡಿದರು. ಶೇ. 80ರಷ್ಟು ರೋಗಗಳು ಕಲುಷಿತವಾದ ನೀರು ಮತ್ತು ಅಶುಚಿತ್ವದಿಂದ ಬರುತ್ತವೆ. ಆದ್ದರಿಂದ ಕುಡಿಯುವ ನೀರು ಶುದ್ಧವಾಗಿರಬೇಕು. ಶುದ್ಧ ಕುಡಿಯುವ ನೀರನ್ನು ಪ್ರತಿ ಮನೆಗೆ ಒದಗಿಸುವ
ಗುಂಡ್ಲುಪೇಟೆ ತಾಲೂಕು ಪಂಚಾಯಿತಿ ಕಾರ್ಯನಿರ್ವಾಹಕ ಅಧಿಕಾರಿ ಎಚ್.ಎಂ. ಷಣ್ಮುಗಂ
ಸಮುದಾಯ ಮಟ್ಟದ ವಾಶ್ ಕಾರ್ಯಾಗಾರ
ಸಜಲ ಜೀವನ್ ಮಿಷನ್ ಯೋಜನೆ ಮೂಲಕ ಶುದ್ಧ ಕುಡಿಯುವ ನೀರು ಪೂರೈಸುತ್ತಿದ್ದು, ಇದರ ಉಪಯೋಗ ಪಡೆದುಕೊಳ್ಳಬೇಕು. ಗ್ರಾಮೀಣ ಭಾಗದಲ್ಲಿರುವ ಪ್ರತಿ ಮನೆಗೂ
ರಾಜ್ಯ ಸಂಪನ್ಮೂಲ ವ್ಯಕ್ತಿಯಾದ ರಶ್ಮಿರವರು ಮಾತನಾಡಿ ಜೆಜೆಎಂ ಮತ್ತು ಎಸ್.ಬಿ.ಎಂ ಯೋಜನೆಗಳ ಕುರಿತು ಮಾಹಿತಿ ನೀಡಿದರು. ಈ ಕಾರ್ಯಾಗಾರದಲ್ಲಿ ಬಹಳ ಉಪಯುಕ್ತ ಮಾಹಿತಿ ದೊರೆಯುತ್ತದೆ ಎಂದರು.
ತ್ಯಾಜ್ಯಗಳ ನಿರ್ವಹಣೆ, ಕಾರ್ಯಚಟುವಟಿಕೆ, ನೀರಿನ ಮತ್ತು ಶುಚಿತ್ವ ಮತ್ತು ಮನೆಯ ಸುತ್ತಮುತ್ತಲಿನ ಪರಿಸರ ಸ್ವಚ್ಛತೆ ಕುರಿತು ಗ್ರಾಮಸ್ಥರಿಗೆ ತಿಳಿವಳಿಕೆ ನೀಡಬೇಕು. ಅಂತರ್ಜಲ ಮರುಪೂರಣದ ಬಗ್ಗೆ ತಿಳಿಸಬೇಕು. ಕರ್ನಾಟಕ ಗ್ರಾಮೀಣ ಜನವಸತಿಗಳಿಗೆ ಕುಡಿಯುವ ನೀರಿನ ಕಾರ್ಯಾಚರಣೆ ಮತ್ತು ನಿರ್ವಹಣೆ ನೀತಿ ಕುರಿತು ಮೋಹನ್ ಕುಮಾರ್ ಅವರು ತಿಳಿಸಿದರು. ಇದೇ ವೇಳೆ ಗುಂಡ್ಲುಪೇಟೆ ತಾಲೂಕಿನ ಗ್ರಾಮ ಪಂಚಾಯಿತಿಗಳಿಗೆ ಎಚ್.ಎಂ ಷಣ್ಮುಗಂ ಅವರು ಎಫ್.ಟಿ.ಕೆ ಕಿಟ್ ಗಳನ್ನು ವಿತರಣೆ ಮಾಡಿದರು. ಗುಂಡ್ಲುಪೇಟೆ ತಾಲ್ಲೂಕಿನ ಗ್ರಾಮ ಪಂಚಾಯಿತಿಯ ಅಧ್ಯಕ್ಷರು, ಉಪಾಧ್ಯಕ್ಷರು, ಸಹಾಯಕ ನಿರ್ದೇಶಕರಾದ ನಾಗೇಂದ್ರಪ್ಪ, ಜೆ.ಎಂ ಡಿಪಿಎಂ ಅರಾ ರವೀಶ್, ಪ್ರಕಾಶ್ ಹಾಗೂ ಗ್ರಾಮ ಪಂಚಾಯಿತಿ ಅಭಿವೃದ್ಧಿ ಅಧಿಕಾರಿಗಳು ಇತರರು ಹಾಜರಿದ್ದರು.
